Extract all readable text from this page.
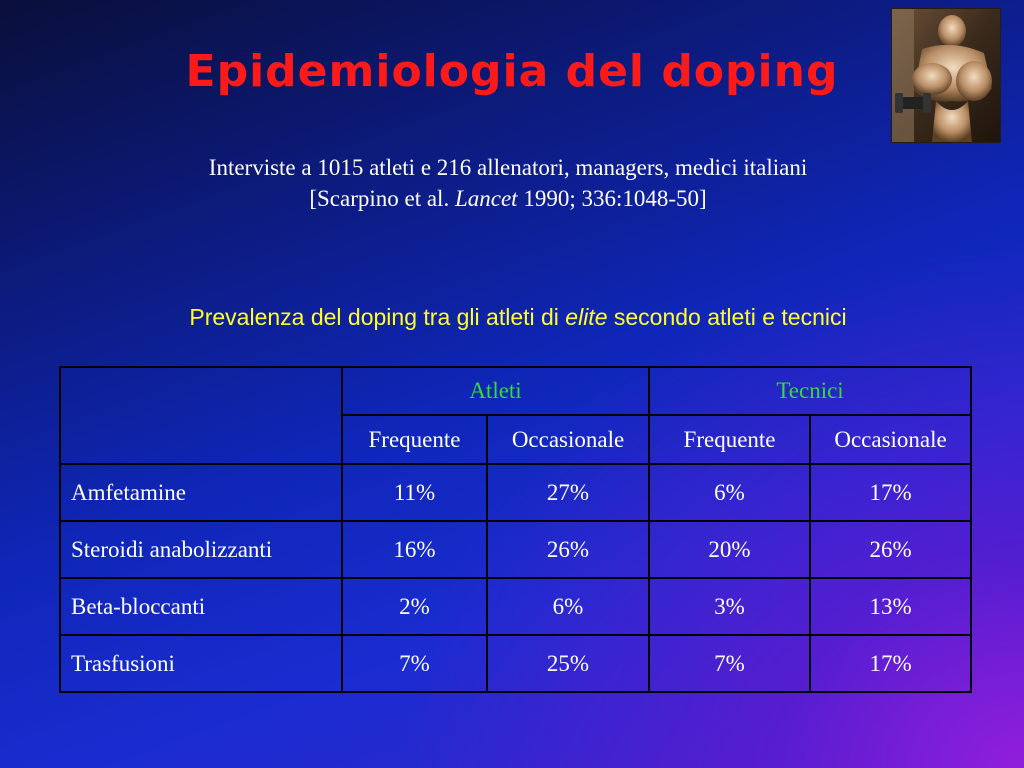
Epidemiologia del doping
Interviste a 1015 atleti e 216 allenatori, managers, medici italiani
[Scarpino et al. Lancet 1990; 336:1048-50]
Prevalenza del doping tra gli atleti di elite secondo atleti e tecnici
	Atleti		Tecnici	
	Frequente	Occasionale	Frequente	Occasionale
Amfetamine	11%	27%	6%	17%
Steroidi anabolizzanti	16%	26%	20%	26%
Beta-bloccanti	2%	6%	3%	13%
Trasfusioni	7%	25%	7%	17%
